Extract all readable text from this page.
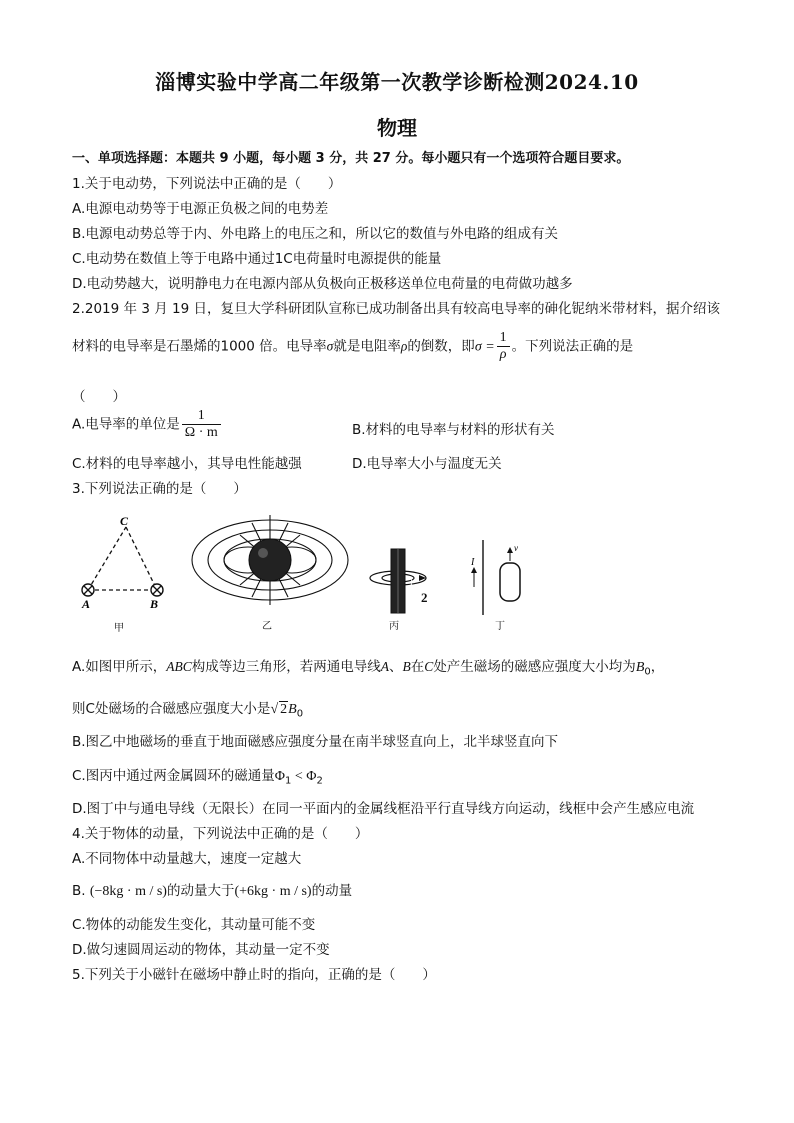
淄博实验中学高二年级第一次教学诊断检测2024.10
物理
一、单项选择题：本题共 9 小题，每小题 3 分，共 27 分。每小题只有一个选项符合题目要求。
1.关于电动势，下列说法中正确的是（　　）
A.电源电动势等于电源正负极之间的电势差
B.电源电动势总等于内、外电路上的电压之和，所以它的数值与外电路的组成有关
C.电动势在数值上等于电路中通过1C电荷量时电源提供的能量
D.电动势越大，说明静电力在电源内部从负极向正极移送单位电荷量的电荷做功越多
2.2019 年 3 月 19 日，复旦大学科研团队宣称已成功制备出具有较高电导率的砷化铌纳米带材料，据介绍该
材料的电导率是石墨烯的1000 倍。电导率σ就是电阻率ρ的倒数，即$\sigma = \frac{1}{\rho}$ 。下列说法正确的是
（　　）
A.电导率的单位是 $\frac{1}{\Omega \cdot m}$	B.材料的电导率与材料的形状有关
C.材料的电导率越小，其导电性能越强	D.电导率大小与温度无关
3.下列说法正确的是（　　）
C
A	B
甲	乙
1
2
丙
I
v
丁
A.如图甲所示，ABC构成等边三角形，若两通电导线A、B在C处产生磁场的磁感应强度大小均为$B_0$，
则C处磁场的合磁感应强度大小是√ $2B_0$
B.图乙中地磁场的垂直于地面磁感应强度分量在南半球竖直向上，北半球竖直向下
C.图丙中通过两金属圆环的磁通量$\Phi_1 < \Phi_2$
D.图丁中与通电导线（无限长）在同一平面内的金属线框沿平行直导线方向运动，线框中会产生感应电流
4.关于物体的动量，下列说法中正确的是（　　）
A.不同物体中动量越大，速度一定越大
B. (−8kg · m / s)的动量大于(+6kg · m / s)的动量
C.物体的动能发生变化，其动量可能不变
D.做匀速圆周运动的物体，其动量一定不变
5.下列关于小磁针在磁场中静止时的指向，正确的是（　　）
